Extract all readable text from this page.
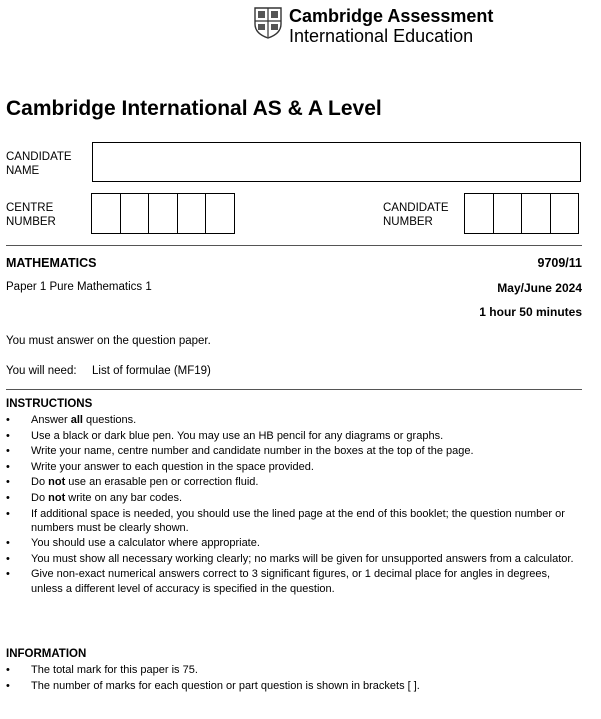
Cambridge Assessment
International Education
Cambridge International AS & A Level
CANDIDATE
NAME
CENTRE
NUMBER
CANDIDATE
NUMBER
MATHEMATICS	9709/11
Paper 1 Pure Mathematics 1	May/June 2024
1 hour 50 minutes
You must answer on the question paper.
You will need: List of formulae (MF19)
INSTRUCTIONS
• Answer all questions.
• Use a black or dark blue pen. You may use an HB pencil for any diagrams or graphs.
• Write your name, centre number and candidate number in the boxes at the top of the page.
• Write your answer to each question in the space provided.
• Do not use an erasable pen or correction fluid.
• Do not write on any bar codes.
• If additional space is needed, you should use the lined page at the end of this booklet; the question number or numbers must be clearly shown.
• You should use a calculator where appropriate.
• You must show all necessary working clearly; no marks will be given for unsupported answers from a calculator.
• Give non-exact numerical answers correct to 3 significant figures, or 1 decimal place for angles in degrees, unless a different level of accuracy is specified in the question.
INFORMATION
• The total mark for this paper is 75.
• The number of marks for each question or part question is shown in brackets [ ].
